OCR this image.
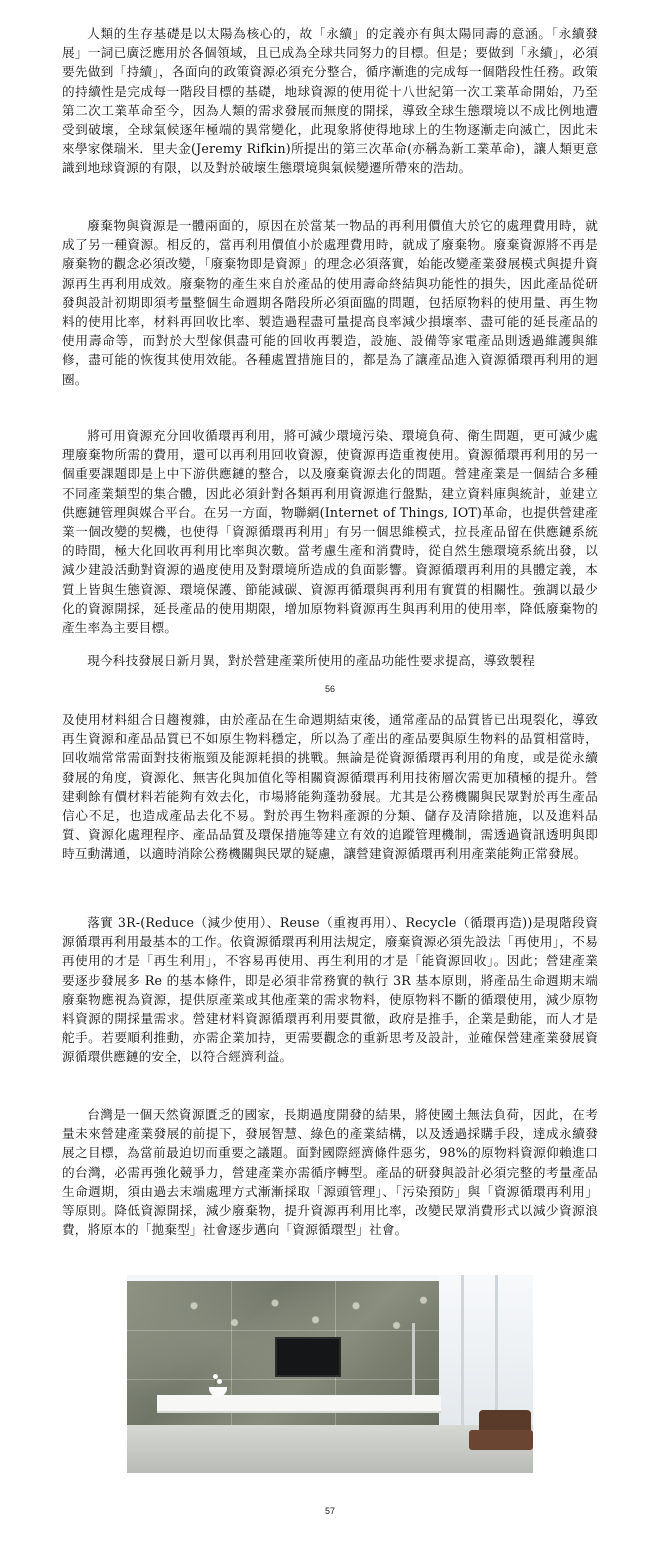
人類的生存基礎是以太陽為核心的，故「永續」的定義亦有與太陽同壽的意涵。「永續發展」一詞已廣泛應用於各個領域，且已成為全球共同努力的目標。但是；要做到「永續」，必須要先做到「持續」，各面向的政策資源必須充分整合，循序漸進的完成每一個階段性任務。政策的持續性是完成每一階段目標的基礎，地球資源的使用從十八世紀第一次工業革命開始，乃至第二次工業革命至今，因為人類的需求發展而無度的開採，導致全球生態環境以不成比例地遭受到破壞，全球氣候逐年極端的異常變化，此現象將使得地球上的生物逐漸走向滅亡，因此未來學家傑瑞米．里夫金(Jeremy Rifkin)所提出的第三次革命(亦稱為新工業革命)，讓人類更意識到地球資源的有限，以及對於破壞生態環境與氣候變遷所帶來的浩劫。

廢棄物與資源是一體兩面的，原因在於當某一物品的再利用價值大於它的處理費用時，就成了另一種資源。相反的，當再利用價值小於處理費用時，就成了廢棄物。廢棄資源將不再是廢棄物的觀念必須改變，「廢棄物即是資源」的理念必須落實，始能改變產業發展模式與提升資源再生再利用成效。廢棄物的產生來自於產品的使用壽命終結與功能性的損失，因此產品從研發與設計初期即須考量整個生命週期各階段所必須面臨的問題，包括原物料的使用量、再生物料的使用比率，材料再回收比率、製造過程盡可量提高良率減少損壞率、盡可能的延長產品的使用壽命等，而對於大型傢俱盡可能的回收再製造，設施、設備等家電產品則透過維護與維修，盡可能的恢復其使用效能。各種處置措施目的，都是為了讓產品進入資源循環再利用的迴圈。

將可用資源充分回收循環再利用，將可減少環境污染、環境負荷、衛生問題，更可減少處理廢棄物所需的費用，還可以再利用回收資源，使資源再造重複使用。資源循環再利用的另一個重要課題即是上中下游供應鏈的整合，以及廢棄資源去化的問題。營建產業是一個結合多種不同產業類型的集合體，因此必須針對各類再利用資源進行盤點，建立資料庫與統計，並建立供應鏈管理與媒合平台。在另一方面，物聯網(Internet of Things, IOT)革命，也提供營建產業一個改變的契機，也使得「資源循環再利用」有另一個思維模式，拉長產品留在供應鏈系統的時間，極大化回收再利用比率與次數。當考慮生產和消費時，從自然生態環境系統出發，以減少建設活動對資源的過度使用及對環境所造成的負面影響。資源循環再利用的具體定義，本質上皆與生態資源、環境保護、節能減碳、資源再循環與再利用有實質的相關性。強調以最少化的資源開採，延長產品的使用期限，增加原物料資源再生與再利用的使用率，降低廢棄物的產生率為主要目標。

現今科技發展日新月異，對於營建產業所使用的產品功能性要求提高，導致製程

56

及使用材料組合日趨複雜，由於產品在生命週期結束後，通常產品的品質皆已出現裂化，導致再生資源和產品品質已不如原生物料穩定，所以為了產出的產品要與原生物料的品質相當時，回收端常常需面對技術瓶頸及能源耗損的挑戰。無論是從資源循環再利用的角度，或是從永續發展的角度，資源化、無害化與加值化等相關資源循環再利用技術層次需更加積極的提升。營建剩餘有價材料若能夠有效去化，市場將能夠蓬勃發展。尤其是公務機關與民眾對於再生產品信心不足，也造成產品去化不易。對於再生物料產源的分類、儲存及清除措施，以及進料品質、資源化處理程序、產品品質及環保措施等建立有效的追蹤管理機制，需透過資訊透明與即時互動溝通，以適時消除公務機關與民眾的疑慮，讓營建資源循環再利用產業能夠正常發展。

落實 3R-(Reduce（減少使用）、Reuse（重複再用）、Recycle（循環再造))是現階段資源循環再利用最基本的工作。依資源循環再利用法規定，廢棄資源必須先設法「再使用」，不易再使用的才是「再生利用」，不容易再使用、再生利用的才是「能資源回收」。因此；營建產業要逐步發展多 Re 的基本條件，即是必須非常務實的執行 3R 基本原則，將產品生命週期末端廢棄物應視為資源，提供原產業或其他產業的需求物料，使原物料不斷的循環使用，減少原物料資源的開採量需求。營建材料資源循環再利用要貫徹，政府是推手，企業是動能，而人才是舵手。若要順利推動，亦需企業加持，更需要觀念的重新思考及設計，並確保營建產業發展資源循環供應鏈的安全，以符合經濟利益。

台灣是一個天然資源匱乏的國家，長期過度開發的結果，將使國土無法負荷，因此，在考量未來營建產業發展的前提下，發展智慧、綠色的產業結構，以及透過採購手段，達成永續發展之目標，為當前最迫切而重要之議題。面對國際經濟條件惡劣，98%的原物料資源仰賴進口的台灣，必需再強化競爭力，營建產業亦需循序轉型。產品的研發與設計必須完整的考量產品生命週期，須由過去末端處理方式漸漸採取「源頭管理」、「污染預防」與「資源循環再利用」等原則。降低資源開採，減少廢棄物，提升資源再利用比率，改變民眾消費形式以減少資源浪費，將原本的「拋棄型」社會逐步邁向「資源循環型」社會。

57
